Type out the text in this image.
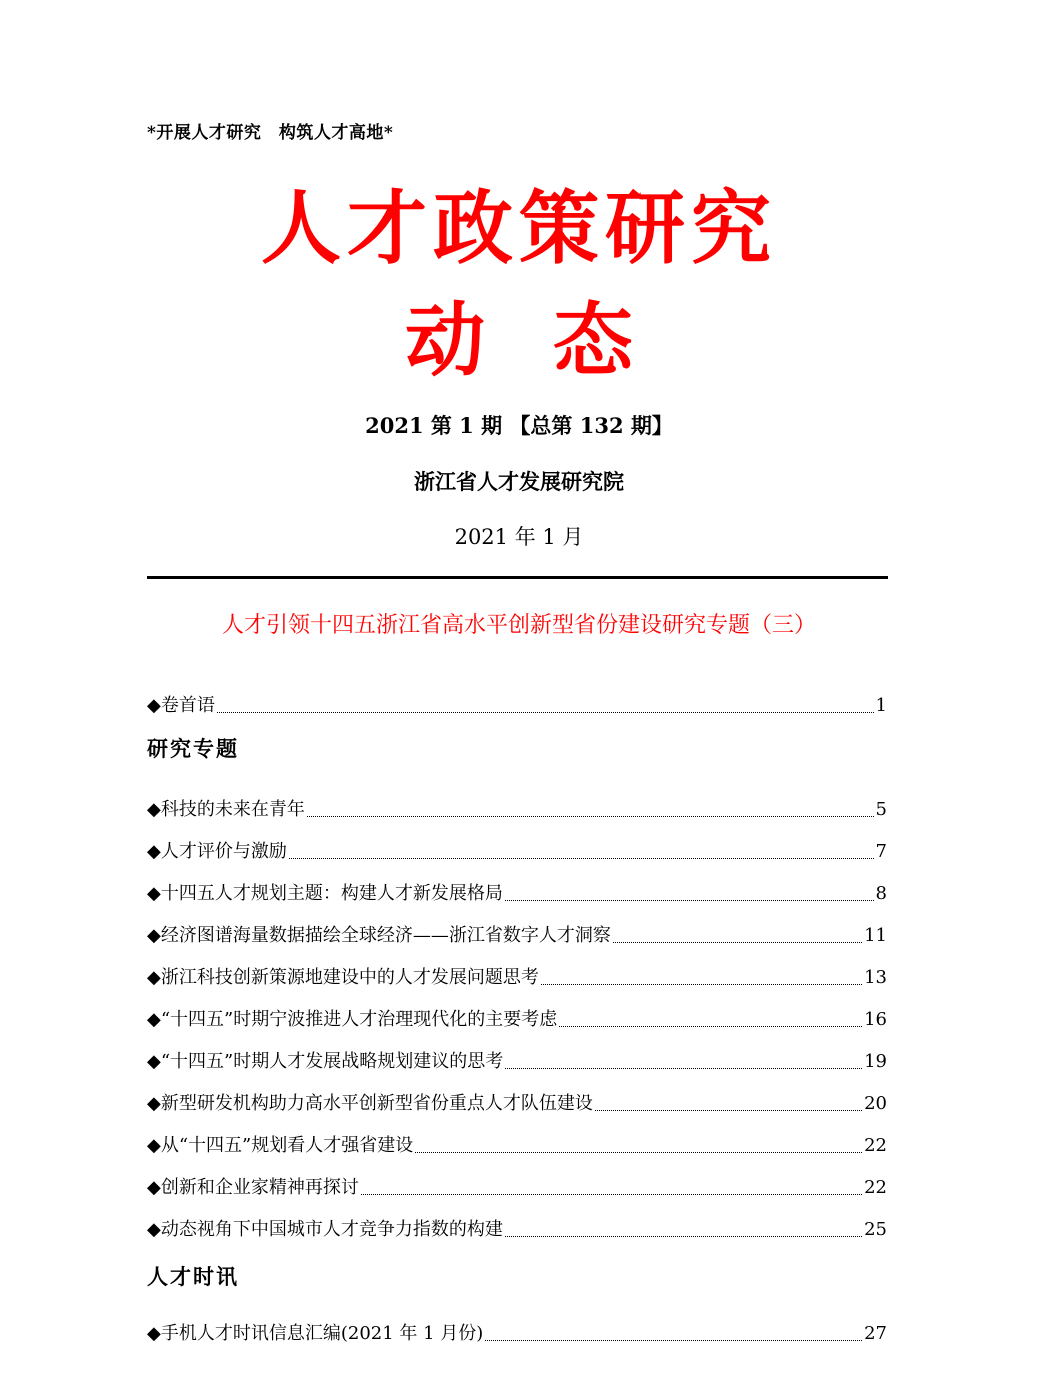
*开展人才研究　构筑人才高地*
人才政策研究
动 态
2021 第 1 期 【总第 132 期】
浙江省人才发展研究院
2021 年 1 月
人才引领十四五浙江省高水平创新型省份建设研究专题（三）
◆卷首语	1
研究专题
◆科技的未来在青年	5
◆人才评价与激励	7
◆十四五人才规划主题：构建人才新发展格局	8
◆经济图谱海量数据描绘全球经济——浙江省数字人才洞察	11
◆浙江科技创新策源地建设中的人才发展问题思考	13
◆“十四五”时期宁波推进人才治理现代化的主要考虑	16
◆“十四五”时期人才发展战略规划建议的思考	19
◆新型研发机构助力高水平创新型省份重点人才队伍建设	20
◆从“十四五”规划看人才强省建设	22
◆创新和企业家精神再探讨	22
◆动态视角下中国城市人才竞争力指数的构建	25
人才时讯
◆手机人才时讯信息汇编(2021 年 1 月份)	27
